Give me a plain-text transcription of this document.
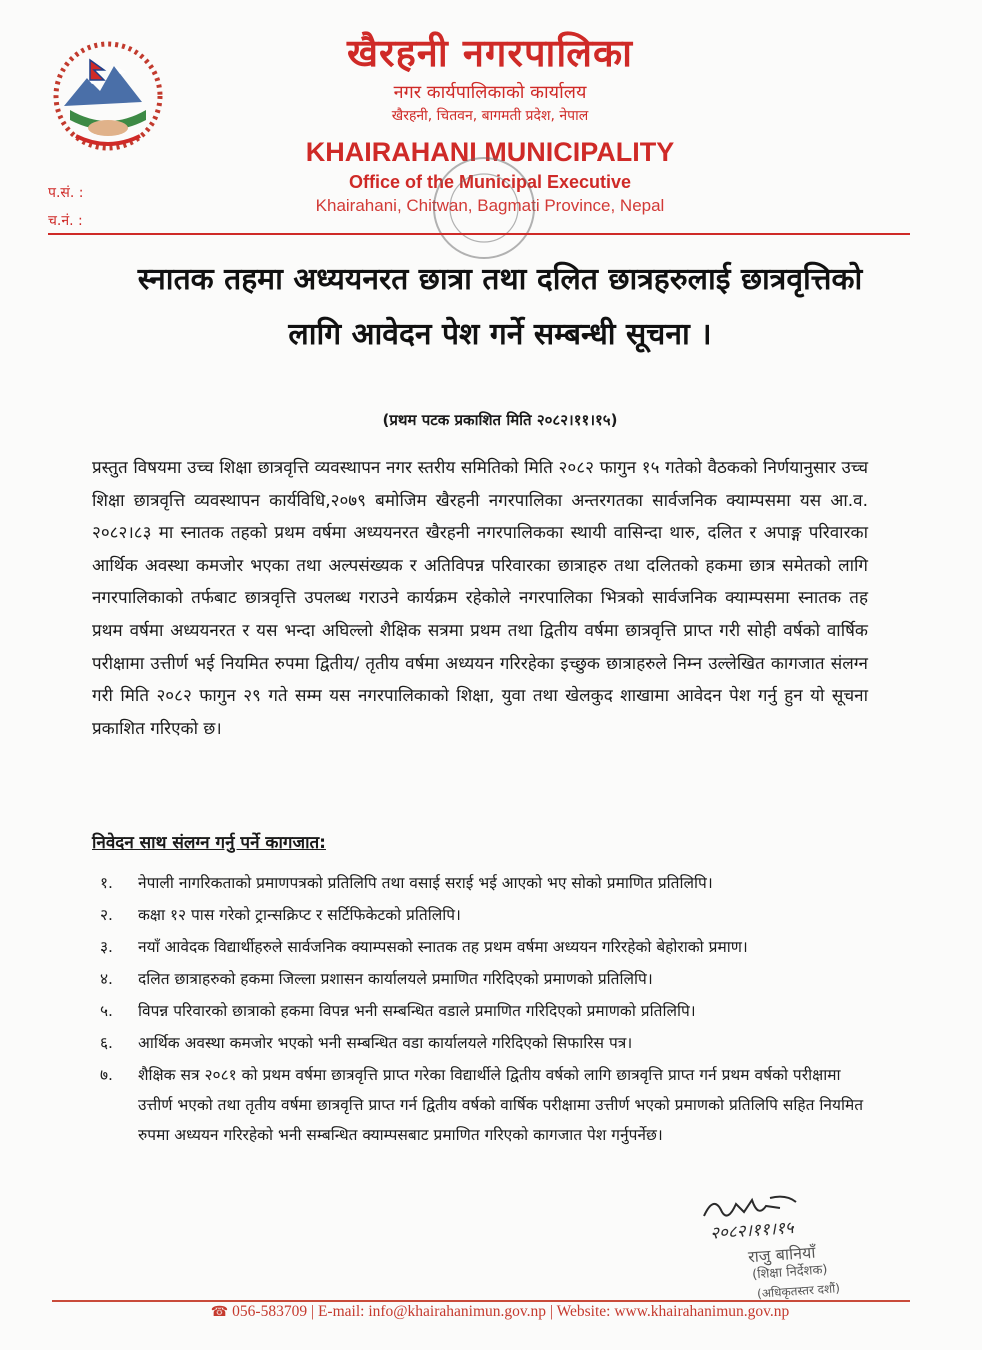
खैरहनी नगरपालिका
नगर कार्यपालिकाको कार्यालय
खैरहनी, चितवन, बागमती प्रदेश, नेपाल
KHAIRAHANI MUNICIPALITY
Office of the Municipal Executive
Khairahani, Chitwan, Bagmati Province, Nepal
प.सं. :
च.नं. :
स्नातक तहमा अध्ययनरत छात्रा तथा दलित छात्रहरुलाई छात्रवृत्तिको लागि आवेदन पेश गर्ने सम्बन्धी सूचना ।
(प्रथम पटक प्रकाशित मिति २०८२।११।१५)

प्रस्तुत विषयमा उच्च शिक्षा छात्रवृत्ति व्यवस्थापन नगर स्तरीय समितिको मिति २०८२ फागुन १५ गतेको वैठकको निर्णयानुसार उच्च शिक्षा छात्रवृत्ति व्यवस्थापन कार्यविधि,२०७९ बमोजिम खैरहनी नगरपालिका अन्तरगतका सार्वजनिक क्याम्पसमा यस आ.व. २०८२।८३ मा स्नातक तहको प्रथम वर्षमा अध्ययनरत खैरहनी नगरपालिकका स्थायी वासिन्दा थारु, दलित र अपाङ्ग परिवारका आर्थिक अवस्था कमजोर भएका तथा अल्पसंख्यक र अतिविपन्न परिवारका छात्राहरु तथा दलितको हकमा छात्र समेतको लागि नगरपालिकाको तर्फबाट छात्रवृत्ति उपलब्ध गराउने कार्यक्रम रहेकोले नगरपालिका भित्रको सार्वजनिक क्याम्पसमा स्नातक तह प्रथम वर्षमा अध्ययनरत र यस भन्दा अघिल्लो शैक्षिक सत्रमा प्रथम तथा द्वितीय वर्षमा छात्रवृत्ति प्राप्त गरी सोही वर्षको वार्षिक परीक्षामा उत्तीर्ण भई नियमित रुपमा द्वितीय/ तृतीय वर्षमा अध्ययन गरिरहेका इच्छुक छात्राहरुले निम्न उल्लेखित कागजात संलग्न गरी मिति २०८२ फागुन २९ गते सम्म यस नगरपालिकाको शिक्षा, युवा तथा खेलकुद शाखामा आवेदन पेश गर्नु हुन यो सूचना प्रकाशित गरिएको छ।

निवेदन साथ संलग्न गर्नु पर्ने कागजात:
१. नेपाली नागरिकताको प्रमाणपत्रको प्रतिलिपि तथा वसाई सराई भई आएको भए सोको प्रमाणित प्रतिलिपि।
२. कक्षा १२ पास गरेको ट्रान्सक्रिप्ट र सर्टिफिकेटको प्रतिलिपि।
३. नयाँ आवेदक विद्यार्थीहरुले सार्वजनिक क्याम्पसको स्नातक तह प्रथम वर्षमा अध्ययन गरिरहेको बेहोराको प्रमाण।
४. दलित छात्राहरुको हकमा जिल्ला प्रशासन कार्यालयले प्रमाणित गरिदिएको प्रमाणको प्रतिलिपि।
५. विपन्न परिवारको छात्राको हकमा विपन्न भनी सम्बन्धित वडाले प्रमाणित गरिदिएको प्रमाणको प्रतिलिपि।
६. आर्थिक अवस्था कमजोर भएको भनी सम्बन्धित वडा कार्यालयले गरिदिएको सिफारिस पत्र।
७. शैक्षिक सत्र २०८१ को प्रथम वर्षमा छात्रवृत्ति प्राप्त गरेका विद्यार्थीले द्वितीय वर्षको लागि छात्रवृत्ति प्राप्त गर्न प्रथम वर्षको परीक्षामा उत्तीर्ण भएको तथा तृतीय वर्षमा छात्रवृत्ति प्राप्त गर्न द्वितीय वर्षको वार्षिक परीक्षामा उत्तीर्ण भएको प्रमाणको प्रतिलिपि सहित नियमित रुपमा अध्ययन गरिरहेको भनी सम्बन्धित क्याम्पसबाट प्रमाणित गरिएको कागजात पेश गर्नुपर्नेछ।
२०८२।११।१५
राजु बानियाँ
(शिक्षा निर्देशक)
(अधिकृतस्तर दशौं)
☎ 056-583709 | E-mail: info@khairahanimun.gov.np | Website: www.khairahanimun.gov.np
